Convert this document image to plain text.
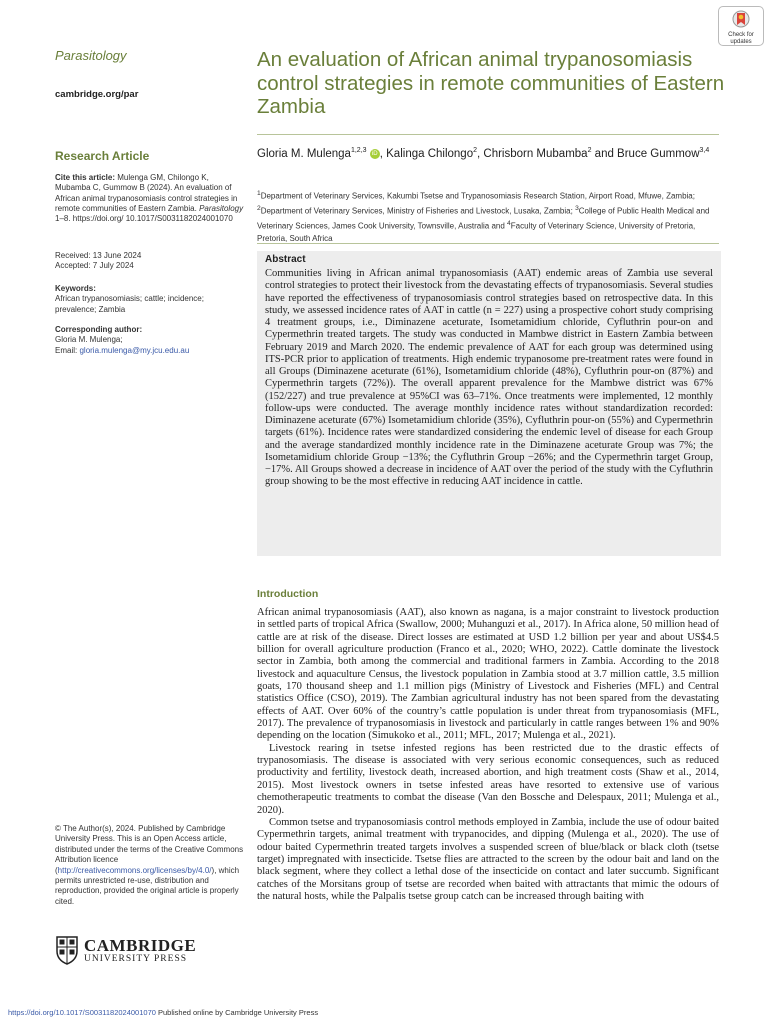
Check for
updates
Parasitology
cambridge.org/par
Research Article
Cite this article: Mulenga GM, Chilongo K, Mubamba C, Gummow B (2024). An evaluation of African animal trypanosomiasis control strategies in remote communities of Eastern Zambia. Parasitology 1–8. https://doi.org/ 10.1017/S0031182024001070
Received: 13 June 2024
Accepted: 7 July 2024
Keywords:
African trypanosomiasis; cattle; incidence; prevalence; Zambia
Corresponding author:
Gloria M. Mulenga;
Email: gloria.mulenga@my.jcu.edu.au
An evaluation of African animal trypanosomiasis control strategies in remote communities of Eastern Zambia
Gloria M. Mulenga$^{1,2,3}$ iD , Kalinga Chilongo$^2$, Chrisborn Mubamba$^2$ and Bruce Gummow$^{3,4}$
$^1$Department of Veterinary Services, Kakumbi Tsetse and Trypanosomiasis Research Station, Airport Road, Mfuwe, Zambia; $^2$Department of Veterinary Services, Ministry of Fisheries and Livestock, Lusaka, Zambia; $^3$College of Public Health Medical and Veterinary Sciences, James Cook University, Townsville, Australia and $^4$Faculty of Veterinary Science, University of Pretoria, Pretoria, South Africa
Abstract
Communities living in African animal trypanosomiasis (AAT) endemic areas of Zambia use several control strategies to protect their livestock from the devastating effects of trypanosomiasis. Several studies have reported the effectiveness of trypanosomiasis control strategies based on retrospective data. In this study, we assessed incidence rates of AAT in cattle (n = 227) using a prospective cohort study comprising 4 treatment groups, i.e., Diminazene aceturate, Isometamidium chloride, Cyfluthrin pour-on and Cypermethrin treated targets. The study was conducted in Mambwe district in Eastern Zambia between February 2019 and March 2020. The endemic prevalence of AAT for each group was determined using ITS-PCR prior to application of treatments. High endemic trypanosome pre-treatment rates were found in all Groups (Diminazene aceturate (61%), Isometamidium chloride (48%), Cyfluthrin pour-on (87%) and Cypermethrin targets (72%)). The overall apparent prevalence for the Mambwe district was 67% (152/227) and true prevalence at 95%CI was 63–71%. Once treatments were implemented, 12 monthly follow-ups were conducted. The average monthly incidence rates without standardization recorded: Diminazene aceturate (67%) Isometamidium chloride (35%), Cyfluthrin pour-on (55%) and Cypermethrin targets (61%). Incidence rates were standardized considering the endemic level of disease for each Group and the average standardized monthly incidence rate in the Diminazene aceturate Group was 7%; the Isometamidium chloride Group −13%; the Cyfluthrin Group −26%; and the Cypermethrin target Group, −17%. All Groups showed a decrease in incidence of AAT over the period of the study with the Cyfluthrin group showing to be the most effective in reducing AAT incidence in cattle.
Introduction

African animal trypanosomiasis (AAT), also known as nagana, is a major constraint to livestock production in settled parts of tropical Africa (Swallow, 2000; Muhanguzi et al., 2017). In Africa alone, 50 million head of cattle are at risk of the disease. Direct losses are estimated at USD 1.2 billion per year and about US$4.5 billion for overall agriculture production (Franco et al., 2020; WHO, 2022). Cattle dominate the livestock sector in Zambia, both among the commercial and traditional farmers in Zambia. According to the 2018 livestock and aquaculture Census, the livestock population in Zambia stood at 3.7 million cattle, 3.5 million goats, 170 thousand sheep and 1.1 million pigs (Ministry of Livestock and Fisheries (MFL) and Central statistics Office (CSO), 2019). The Zambian agricultural industry has not been spared from the devastating effects of AAT. Over 60% of the country’s cattle population is under threat from trypanosomiasis (MFL, 2017). The prevalence of trypanosomiasis in livestock and particularly in cattle ranges between 1% and 90% depending on the location (Simukoko et al., 2011; MFL, 2017; Mulenga et al., 2021).

Livestock rearing in tsetse infested regions has been restricted due to the drastic effects of trypanosomiasis. The disease is associated with very serious economic consequences, such as reduced productivity and fertility, livestock death, increased abortion, and high treatment costs (Shaw et al., 2014, 2015). Most livestock owners in tsetse infested areas have resorted to extensive use of various chemotherapeutic treatments to combat the disease (Van den Bossche and Delespaux, 2011; Mulenga et al., 2020).

Common tsetse and trypanosomiasis control methods employed in Zambia, include the use of odour baited Cypermethrin targets, animal treatment with trypanocides, and dipping (Mulenga et al., 2020). The use of odour baited Cypermethrin treated targets involves a suspended screen of blue/black or black cloth (tsetse target) impregnated with insecticide. Tsetse flies are attracted to the screen by the odour bait and land on the black segment, where they collect a lethal dose of the insecticide on contact and later succumb. Significant catches of the Morsitans group of tsetse are recorded when baited with attractants that mimic the odours of the natural hosts, while the Palpalis tsetse group catch can be increased through baiting with

© The Author(s), 2024. Published by Cambridge University Press. This is an Open Access article, distributed under the terms of the Creative Commons Attribution licence (http://creativecommons.org/licenses/by/4.0/), which permits unrestricted re-use, distribution and reproduction, provided the original article is properly cited.
CAMBRIDGE
UNIVERSITY PRESS
https://doi.org/10.1017/S0031182024001070 Published online by Cambridge University Press
